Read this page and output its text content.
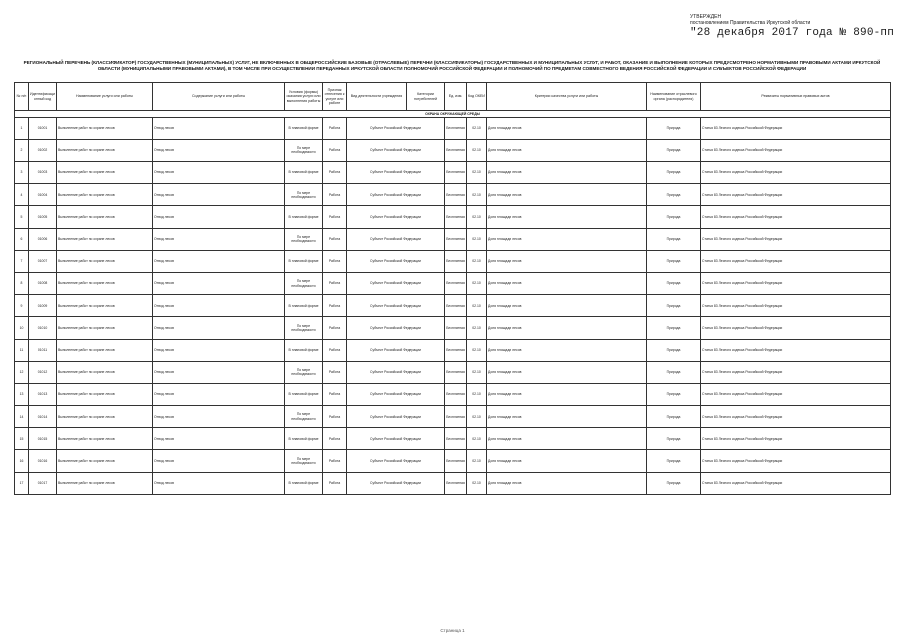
УТВЕРЖДЕН
постановлением Правительства Иркутской области
"28 декабря 2017 года № 890-пп
РЕГИОНАЛЬНЫЙ ПЕРЕЧЕНЬ (КЛАССИФИКАТОР) ГОСУДАРСТВЕННЫХ (МУНИЦИПАЛЬНЫХ) УСЛУГ, НЕ ВКЛЮЧЕННЫХ В ОБЩЕРОССИЙСКИЕ БАЗОВЫЕ (ОТРАСЛЕВЫЕ) ПЕРЕЧНИ (КЛАССИФИКАТОРЫ) ГОСУДАРСТВЕННЫХ И МУНИЦИПАЛЬНЫХ УСЛУГ, И РАБОТ, ОКАЗАНИЕ И ВЫПОЛНЕНИЕ КОТОРЫХ ПРЕДУСМОТРЕНО НОРМАТИВНЫМИ ПРАВОВЫМИ АКТАМИ ИРКУТСКОЙ ОБЛАСТИ (МУНИЦИПАЛЬНЫМИ ПРАВОВЫМИ АКТАМИ), В ТОМ ЧИСЛЕ ПРИ ОСУЩЕСТВЛЕНИИ ПЕРЕДАННЫХ ИРКУТСКОЙ ОБЛАСТИ ПОЛНОМОЧИЙ РОССИЙСКОЙ ФЕДЕРАЦИИ И ПОЛНОМОЧИЙ ПО ПРЕДМЕТАМ СОВМЕСТНОГО ВЕДЕНИЯ РОССИЙСКОЙ ФЕДЕРАЦИИ И СУБЪЕКТОВ РОССИЙСКОЙ ФЕДЕРАЦИИ
№ п/п	Идентификационный код	Наименование услуги или работы	Содержание услуги или работы	Условия (формы) оказания услуги или выполнения работы	Признак отнесения к услуге или работе	Вид деятельности учреждения	Категории потребителей	Ед. изм.	Код ОКЕИ	Критерии качества услуги или работы	Наименование отраслевого органа (распорядителя)	Реквизиты нормативных правовых актов
ОХРАНА ОКРУЖАЮЩЕЙ СРЕДЫ												
1	01001	Выполнение работ по охране лесов	Отвод лесов	В плановой форме	Работа	Субъект Российской Федерации		Бесплатная	02.10	Доля площади лесов	Природа	Статья 83 Лесного кодекса Российской Федерации
2	01002	Выполнение работ по охране лесов	Отвод лесов	По мере необходимости	Работа	Субъект Российской Федерации		Бесплатная	02.10	Доля площади лесов	Природа	Статья 83 Лесного кодекса Российской Федерации
3	01003	Выполнение работ по охране лесов	Отвод лесов	В плановой форме	Работа	Субъект Российской Федерации		Бесплатная	02.10	Доля площади лесов	Природа	Статья 83 Лесного кодекса Российской Федерации
4	01004	Выполнение работ по охране лесов	Отвод лесов	По мере необходимости	Работа	Субъект Российской Федерации		Бесплатная	02.10	Доля площади лесов	Природа	Статья 83 Лесного кодекса Российской Федерации
5	01005	Выполнение работ по охране лесов	Отвод лесов	В плановой форме	Работа	Субъект Российской Федерации		Бесплатная	02.10	Доля площади лесов	Природа	Статья 83 Лесного кодекса Российской Федерации
6	01006	Выполнение работ по охране лесов	Отвод лесов	По мере необходимости	Работа	Субъект Российской Федерации		Бесплатная	02.10	Доля площади лесов	Природа	Статья 83 Лесного кодекса Российской Федерации
7	01007	Выполнение работ по охране лесов	Отвод лесов	В плановой форме	Работа	Субъект Российской Федерации		Бесплатная	02.10	Доля площади лесов	Природа	Статья 83 Лесного кодекса Российской Федерации
8	01008	Выполнение работ по охране лесов	Отвод лесов	По мере необходимости	Работа	Субъект Российской Федерации		Бесплатная	02.10	Доля площади лесов	Природа	Статья 83 Лесного кодекса Российской Федерации
9	01009	Выполнение работ по охране лесов	Отвод лесов	В плановой форме	Работа	Субъект Российской Федерации		Бесплатная	02.10	Доля площади лесов	Природа	Статья 83 Лесного кодекса Российской Федерации
10	01010	Выполнение работ по охране лесов	Отвод лесов	По мере необходимости	Работа	Субъект Российской Федерации		Бесплатная	02.10	Доля площади лесов	Природа	Статья 83 Лесного кодекса Российской Федерации
11	01011	Выполнение работ по охране лесов	Отвод лесов	В плановой форме	Работа	Субъект Российской Федерации		Бесплатная	02.10	Доля площади лесов	Природа	Статья 83 Лесного кодекса Российской Федерации
12	01012	Выполнение работ по охране лесов	Отвод лесов	По мере необходимости	Работа	Субъект Российской Федерации		Бесплатная	02.10	Доля площади лесов	Природа	Статья 83 Лесного кодекса Российской Федерации
13	01013	Выполнение работ по охране лесов	Отвод лесов	В плановой форме	Работа	Субъект Российской Федерации		Бесплатная	02.10	Доля площади лесов	Природа	Статья 83 Лесного кодекса Российской Федерации
14	01014	Выполнение работ по охране лесов	Отвод лесов	По мере необходимости	Работа	Субъект Российской Федерации		Бесплатная	02.10	Доля площади лесов	Природа	Статья 83 Лесного кодекса Российской Федерации
15	01015	Выполнение работ по охране лесов	Отвод лесов	В плановой форме	Работа	Субъект Российской Федерации		Бесплатная	02.10	Доля площади лесов	Природа	Статья 83 Лесного кодекса Российской Федерации
16	01016	Выполнение работ по охране лесов	Отвод лесов	По мере необходимости	Работа	Субъект Российской Федерации		Бесплатная	02.10	Доля площади лесов	Природа	Статья 83 Лесного кодекса Российской Федерации
17	01017	Выполнение работ по охране лесов	Отвод лесов	В плановой форме	Работа	Субъект Российской Федерации		Бесплатная	02.10	Доля площади лесов	Природа	Статья 83 Лесного кодекса Российской Федерации
Страница 1
